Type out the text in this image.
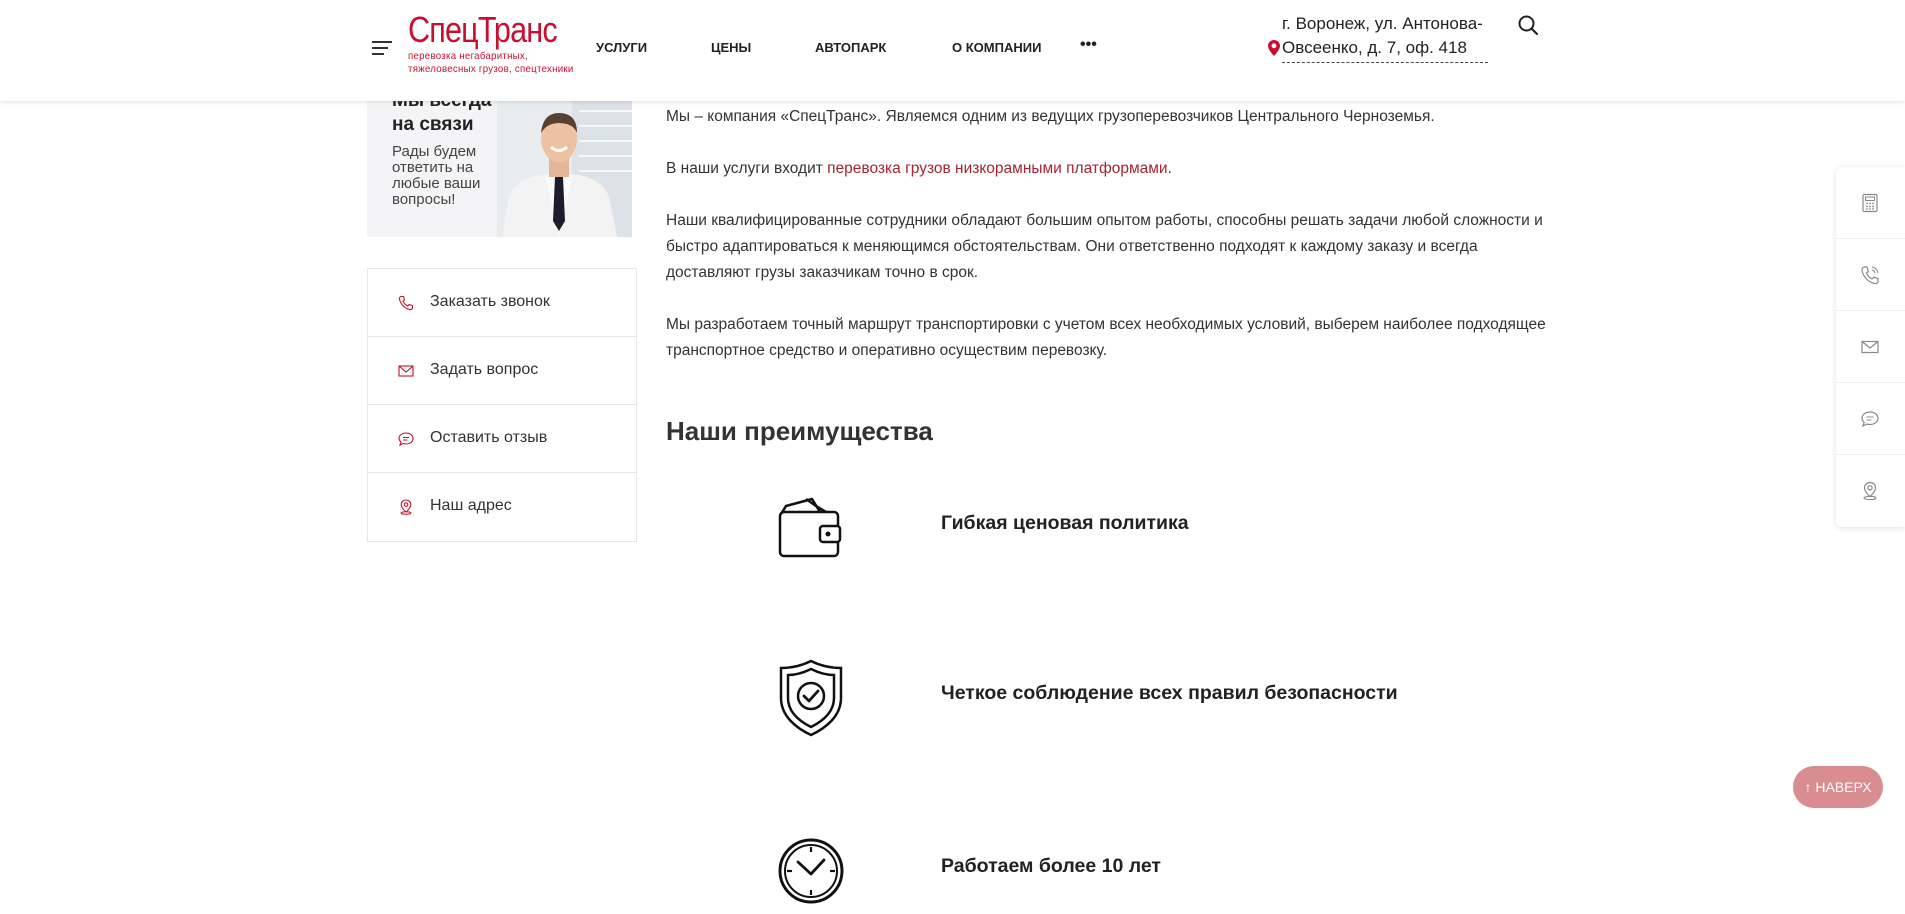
СпецТранс
перевозка негабаритных,
тяжеловесных грузов, спецтехники
УСЛУГИ	ЦЕНЫ	АВТОПАРК	О КОМПАНИИ •••
г. Воронеж, ул. Антонова-Овсеенко, д. 7, оф. 418
на связи
Рады будем ответить на любые ваши вопросы!
Заказать звонок
Задать вопрос
Оставить отзыв
Наш адрес

Мы – компания «СпецТранс». Являемся одним из ведущих грузоперевозчиков Центрального Черноземья.

В наши услуги входит перевозка грузов низкорамными платформами.

Наши квалифицированные сотрудники обладают большим опытом работы, способны решать задачи любой сложности и быстро адаптироваться к меняющимся обстоятельствам. Они ответственно подходят к каждому заказу и всегда доставляют грузы заказчикам точно в срок.

Мы разработаем точный маршрут транспортировки с учетом всех необходимых условий, выберем наиболее подходящее транспортное средство и оперативно осуществим перевозку.

Наши преимущества
Гибкая ценовая политика
Четкое соблюдение всех правил безопасности
Работаем более 10 лет
↑ НАВЕРХ
